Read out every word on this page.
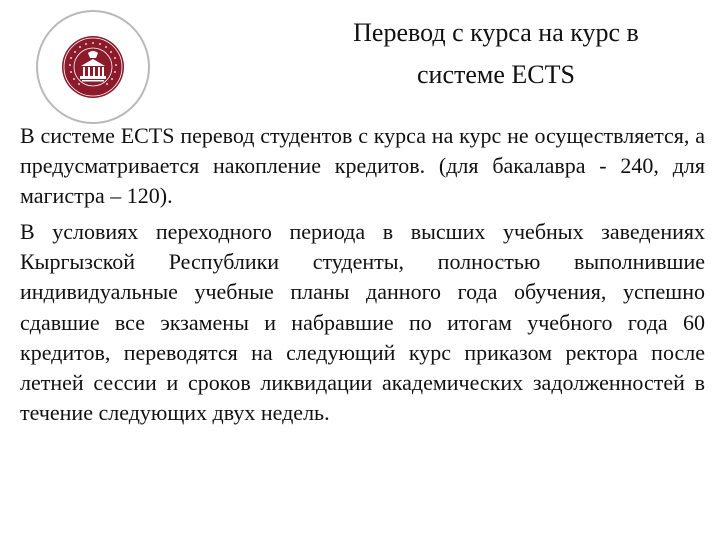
Перевод с курса на курс в
системе ECTS

В системе ECTS перевод студентов с курса на курс не осуществляется, а предусматривается накопление кредитов. (для бакалавра - 240, для магистра – 120).

В условиях переходного периода в высших учебных заведениях Кыргызской Республики студенты, полностью выполнившие индивидуальные учебные планы данного года обучения, успешно сдавшие все экзамены и набравшие по итогам учебного года 60 кредитов, переводятся на следующий курс приказом ректора после летней сессии и сроков ликвидации академических задолженностей в течение следующих двух недель.
